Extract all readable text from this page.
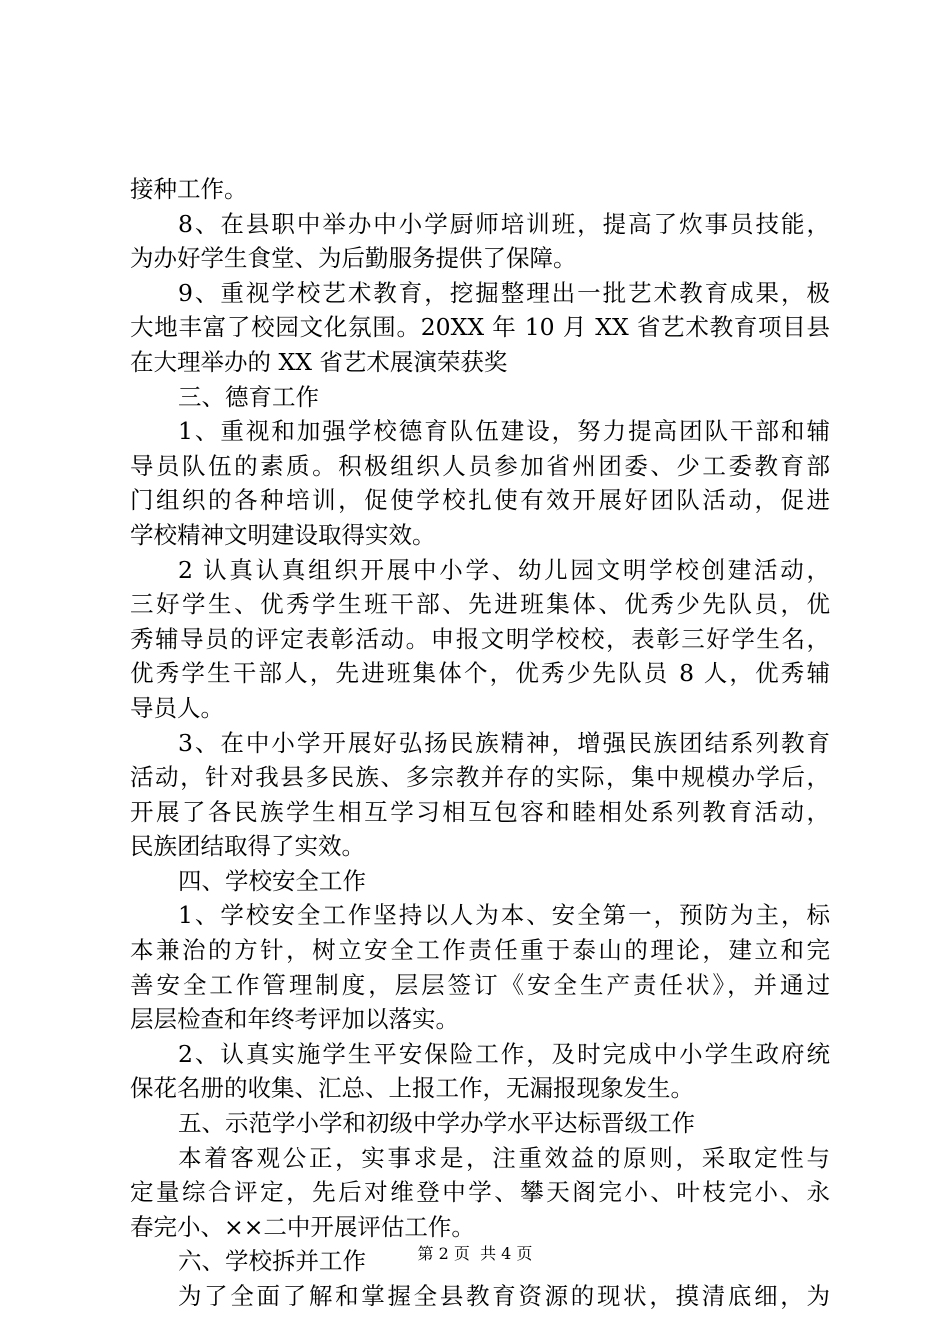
接种工作。
8、在县职中举办中小学厨师培训班，提高了炊事员技能，
为办好学生食堂、为后勤服务提供了保障。
9、重视学校艺术教育，挖掘整理出一批艺术教育成果，极
大地丰富了校园文化氛围。20XX 年 10 月 XX 省艺术教育项目县
在大理举办的 XX 省艺术展演荣获奖
三、德育工作
1、重视和加强学校德育队伍建设，努力提高团队干部和辅
导员队伍的素质。积极组织人员参加省州团委、少工委教育部
门组织的各种培训，促使学校扎使有效开展好团队活动，促进
学校精神文明建设取得实效。
2 认真认真组织开展中小学、幼儿园文明学校创建活动，
三好学生、优秀学生班干部、先进班集体、优秀少先队员，优
秀辅导员的评定表彰活动。申报文明学校校，表彰三好学生名，
优秀学生干部人，先进班集体个，优秀少先队员 8 人，优秀辅
导员人。
3、在中小学开展好弘扬民族精神，增强民族团结系列教育
活动，针对我县多民族、多宗教并存的实际，集中规模办学后，
开展了各民族学生相互学习相互包容和睦相处系列教育活动，
民族团结取得了实效。
四、学校安全工作
1、学校安全工作坚持以人为本、安全第一，预防为主，标
本兼治的方针，树立安全工作责任重于泰山的理论，建立和完
善安全工作管理制度，层层签订《安全生产责任状》，并通过
层层检查和年终考评加以落实。
2、认真实施学生平安保险工作，及时完成中小学生政府统
保花名册的收集、汇总、上报工作，无漏报现象发生。
五、示范学小学和初级中学办学水平达标晋级工作
本着客观公正，实事求是，注重效益的原则，采取定性与
定量综合评定，先后对维登中学、攀天阁完小、叶枝完小、永
春完小、××二中开展评估工作。
六、学校拆并工作
为了全面了解和掌握全县教育资源的现状，摸清底细，为
第 2 页 共 4 页
